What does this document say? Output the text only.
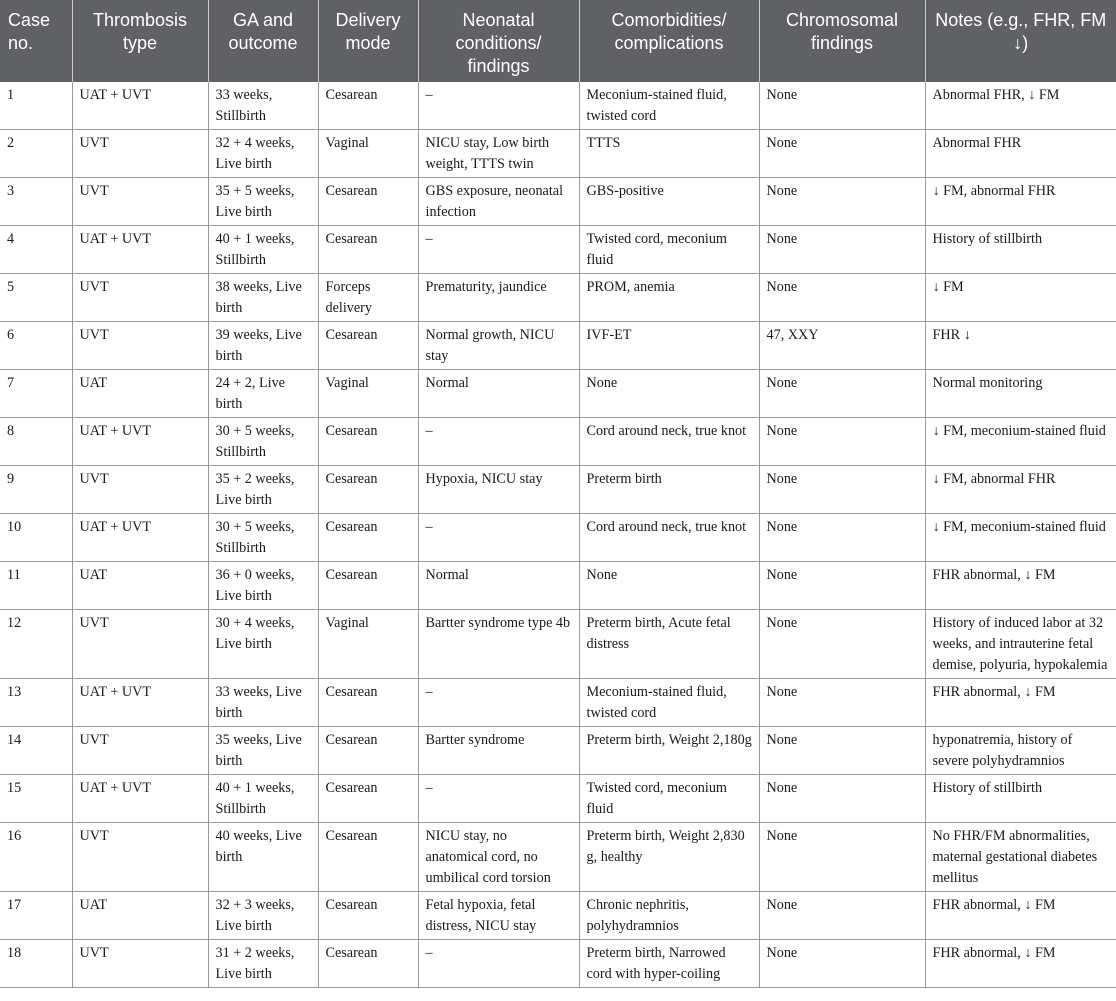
Case no.	Thrombosis type	GA and outcome	Delivery mode	Neonatal conditions/ findings	Comorbidities/ complications	Chromosomal findings	Notes (e.g., FHR, FM ↓)
1	UAT + UVT	33 weeks, Stillbirth	Cesarean	–	Meconium-stained fluid, twisted cord	None	Abnormal FHR, ↓ FM
2	UVT	32 + 4 weeks, Live birth	Vaginal	NICU stay, Low birth weight, TTTS twin	TTTS	None	Abnormal FHR
3	UVT	35 + 5 weeks, Live birth	Cesarean	GBS exposure, neonatal infection	GBS-positive	None	↓ FM, abnormal FHR
4	UAT + UVT	40 + 1 weeks, Stillbirth	Cesarean	–	Twisted cord, meconium fluid	None	History of stillbirth
5	UVT	38 weeks, Live birth	Forceps delivery	Prematurity, jaundice	PROM, anemia	None	↓ FM
6	UVT	39 weeks, Live birth	Cesarean	Normal growth, NICU stay	IVF-ET	47, XXY	FHR ↓
7	UAT	24 + 2, Live birth	Vaginal	Normal	None	None	Normal monitoring
8	UAT + UVT	30 + 5 weeks, Stillbirth	Cesarean	–	Cord around neck, true knot	None	↓ FM, meconium-stained fluid
9	UVT	35 + 2 weeks, Live birth	Cesarean	Hypoxia, NICU stay	Preterm birth	None	↓ FM, abnormal FHR
10	UAT + UVT	30 + 5 weeks, Stillbirth	Cesarean	–	Cord around neck, true knot	None	↓ FM, meconium-stained fluid
11	UAT	36 + 0 weeks, Live birth	Cesarean	Normal	None	None	FHR abnormal, ↓ FM
12	UVT	30 + 4 weeks, Live birth	Vaginal	Bartter syndrome type 4b	Preterm birth, Acute fetal distress	None	History of induced labor at 32 weeks, and intrauterine fetal demise, polyuria, hypokalemia
13	UAT + UVT	33 weeks, Live birth	Cesarean	–	Meconium-stained fluid, twisted cord	None	FHR abnormal, ↓ FM
14	UVT	35 weeks, Live birth	Cesarean	Bartter syndrome	Preterm birth, Weight 2,180g	None	hyponatremia, history of severe polyhydramnios
15	UAT + UVT	40 + 1 weeks, Stillbirth	Cesarean	–	Twisted cord, meconium fluid	None	History of stillbirth
16	UVT	40 weeks, Live birth	Cesarean	NICU stay, no anatomical cord, no umbilical cord torsion	Preterm birth, Weight 2,830 g, healthy	None	No FHR/FM abnormalities, maternal gestational diabetes mellitus
17	UAT	32 + 3 weeks, Live birth	Cesarean	Fetal hypoxia, fetal distress, NICU stay	Chronic nephritis, polyhydramnios	None	FHR abnormal, ↓ FM
18	UVT	31 + 2 weeks, Live birth	Cesarean	–	Preterm birth, Narrowed cord with hyper-coiling	None	FHR abnormal, ↓ FM
